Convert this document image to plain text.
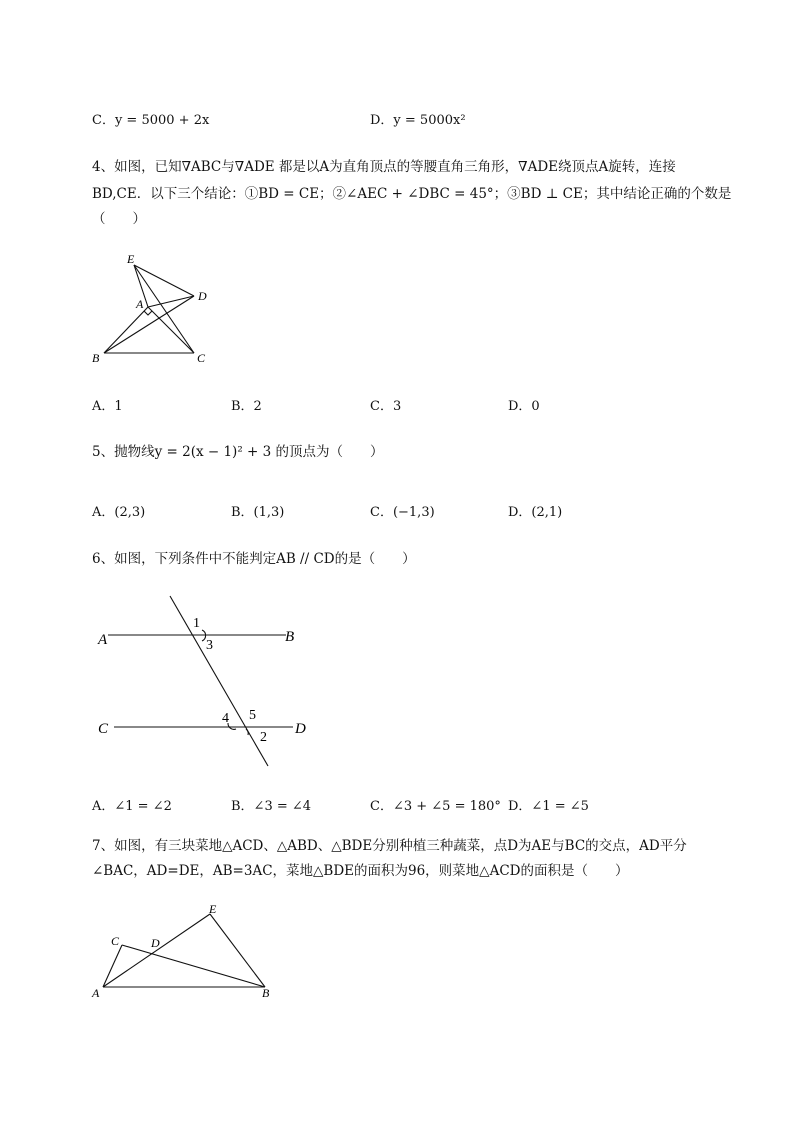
C．y = 5000 + 2x	D．y = 5000x²
4、如图，已知∇ABC与∇ADE 都是以A为直角顶点的等腰直角三角形，∇ADE绕顶点A旋转，连接
BD,CE．以下三个结论：①BD = CE；②∠AEC + ∠DBC = 45°；③BD ⊥ CE；其中结论正确的个数是
（　　）
E
D
A
B	C
A．1	B．2	C．3	D．0
5、抛物线y = 2(x − 1)² + 3 的顶点为（　　）
A．(2,3)	B．(1,3)	C．(−1,3)	D．(2,1)
6、如图，下列条件中不能判定AB // CD的是（　　）
A	B
C	D
1
3
4 5
2
A．∠1 = ∠2	B．∠3 = ∠4	C．∠3 + ∠5 = 180° D．∠1 = ∠5
7、如图，有三块菜地△ACD、△ABD、△BDE分别种植三种蔬菜，点D为AE与BC的交点，AD平分
∠BAC，AD=DE，AB=3AC，菜地△BDE的面积为96，则菜地△ACD的面积是（　　）
E
C	D
A	B
